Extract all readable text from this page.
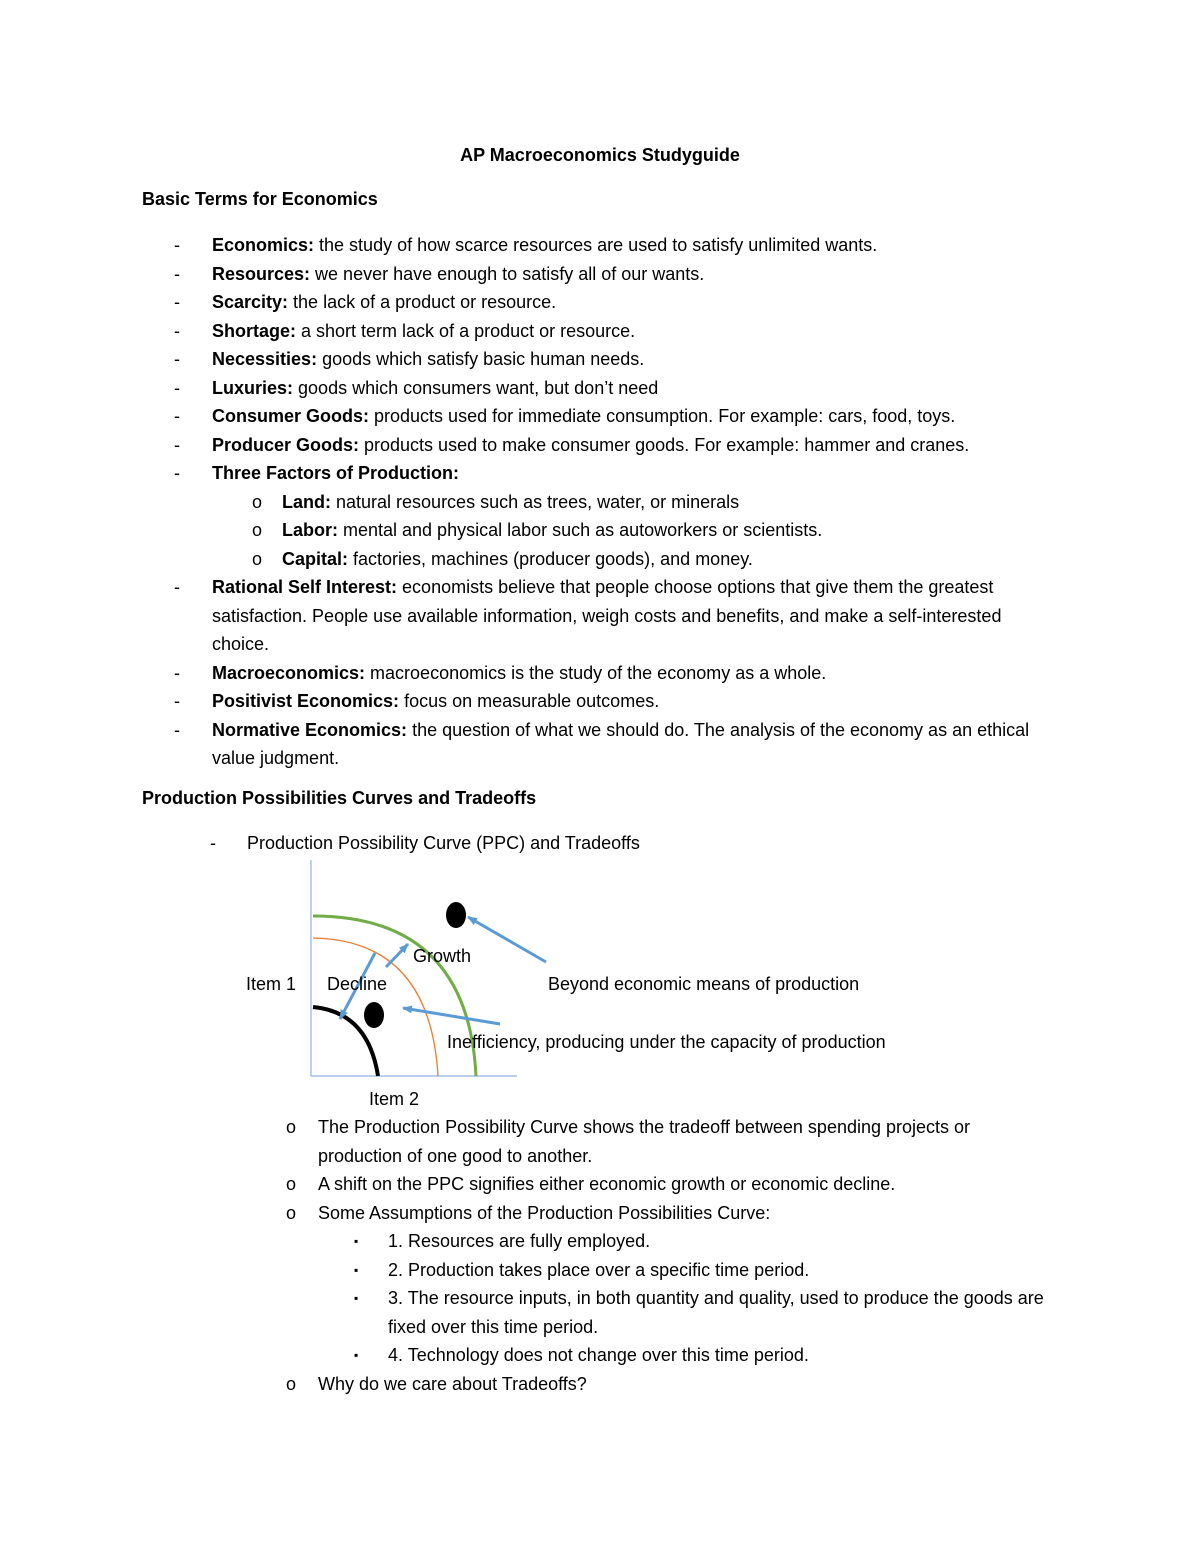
AP Macroeconomics Studyguide
Basic Terms for Economics
- Economics: the study of how scarce resources are used to satisfy unlimited wants.
- Resources: we never have enough to satisfy all of our wants.
- Scarcity: the lack of a product or resource.
- Shortage: a short term lack of a product or resource.
- Necessities: goods which satisfy basic human needs.
- Luxuries: goods which consumers want, but don’t need
- Consumer Goods: products used for immediate consumption. For example: cars, food, toys.
- Producer Goods: products used to make consumer goods. For example: hammer and cranes.
- Three Factors of Production:
o Land: natural resources such as trees, water, or minerals
o Labor: mental and physical labor such as autoworkers or scientists.
o Capital: factories, machines (producer goods), and money.
- Rational Self Interest: economists believe that people choose options that give them the greatest satisfaction. People use available information, weigh costs and benefits, and make a self-interested choice.
- Macroeconomics: macroeconomics is the study of the economy as a whole.
- Positivist Economics: focus on measurable outcomes.
- Normative Economics: the question of what we should do. The analysis of the economy as an ethical value judgment.
Production Possibilities Curves and Tradeoffs
- Production Possibility Curve (PPC) and Tradeoffs
Growth
Item 1 Decline	Beyond economic means of production
Inefficiency, producing under the capacity of production
Item 2
o The Production Possibility Curve shows the tradeoff between spending projects or production of one good to another.
o A shift on the PPC signifies either economic growth or economic decline.
o Some Assumptions of the Production Possibilities Curve:
▪ 1. Resources are fully employed.
▪ 2. Production takes place over a specific time period.
▪ 3. The resource inputs, in both quantity and quality, used to produce the goods are fixed over this time period.
▪ 4. Technology does not change over this time period.
o Why do we care about Tradeoffs?
